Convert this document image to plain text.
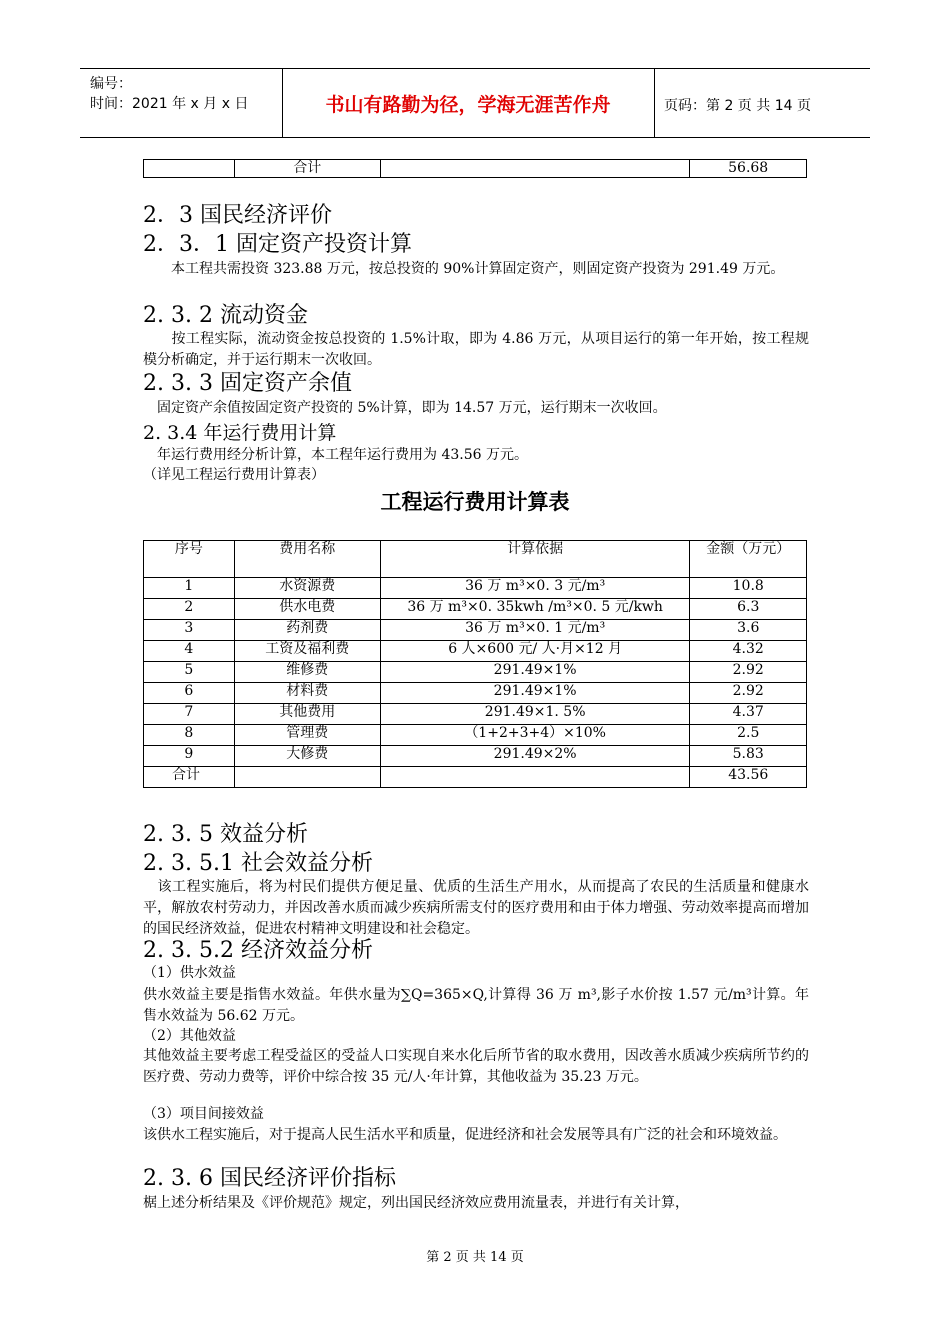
编号：
时间：2021 年 x 月 x 日	书山有路勤为径，学海无涯苦作舟	页码：第 2 页 共 14 页
	合计		56.68
2．3 国民经济评价
2．3．1 固定资产投资计算
　　本工程共需投资 323.88 万元，按总投资的 90%计算固定资产，则固定资产投资为 291.49 万元。
2. 3. 2 流动资金
　　按工程实际，流动资金按总投资的 1.5%计取，即为 4.86 万元，从项目运行的第一年开始，按工程规模分析确定，并于运行期末一次收回。
2. 3. 3 固定资产余值
　固定资产余值按固定资产投资的 5%计算，即为 14.57 万元，运行期末一次收回。
2. 3.4 年运行费用计算
　年运行费用经分析计算，本工程年运行费用为 43.56 万元。
（详见工程运行费用计算表）
工程运行费用计算表
序号	费用名称	计算依据	金额（万元）
1	水资源费	36 万 m³×0. 3 元/m³	10.8
2	供水电费	36 万 m³×0. 35kwh /m³×0. 5 元/kwh	6.3
3	药剂费	36 万 m³×0. 1 元/m³	3.6
4	工资及福利费	6 人×600 元/ 人·月×12 月	4.32
5	维修费	291.49×1%	2.92
6	材料费	291.49×1%	2.92
7	其他费用	291.49×1. 5%	4.37
8	管理费	（1+2+3+4）×10%	2.5
9	大修费	291.49×2%	5.83
合计			43.56
2. 3. 5 效益分析
2. 3. 5.1 社会效益分析
　该工程实施后，将为村民们提供方便足量、优质的生活生产用水，从而提高了农民的生活质量和健康水平，解放农村劳动力，并因改善水质而减少疾病所需支付的医疗费用和由于体力增强、劳动效率提高而增加的国民经济效益，促进农村精神文明建设和社会稳定。
2. 3. 5.2 经济效益分析
（1）供水效益
供水效益主要是指售水效益。年供水量为∑Q=365×Q,计算得 36 万 m³,影子水价按 1.57 元/m³计算。年售水效益为 56.62 万元。
（2）其他效益
其他效益主要考虑工程受益区的受益人口实现自来水化后所节省的取水费用，因改善水质减少疾病所节约的医疗费、劳动力费等，评价中综合按 35 元/人·年计算，其他收益为 35.23 万元。
（3）项目间接效益
该供水工程实施后，对于提高人民生活水平和质量，促进经济和社会发展等具有广泛的社会和环境效益。
2. 3. 6 国民经济评价指标
椐上述分析结果及《评价规范》规定，列出国民经济效应费用流量表，并进行有关计算，
第 2 页 共 14 页
